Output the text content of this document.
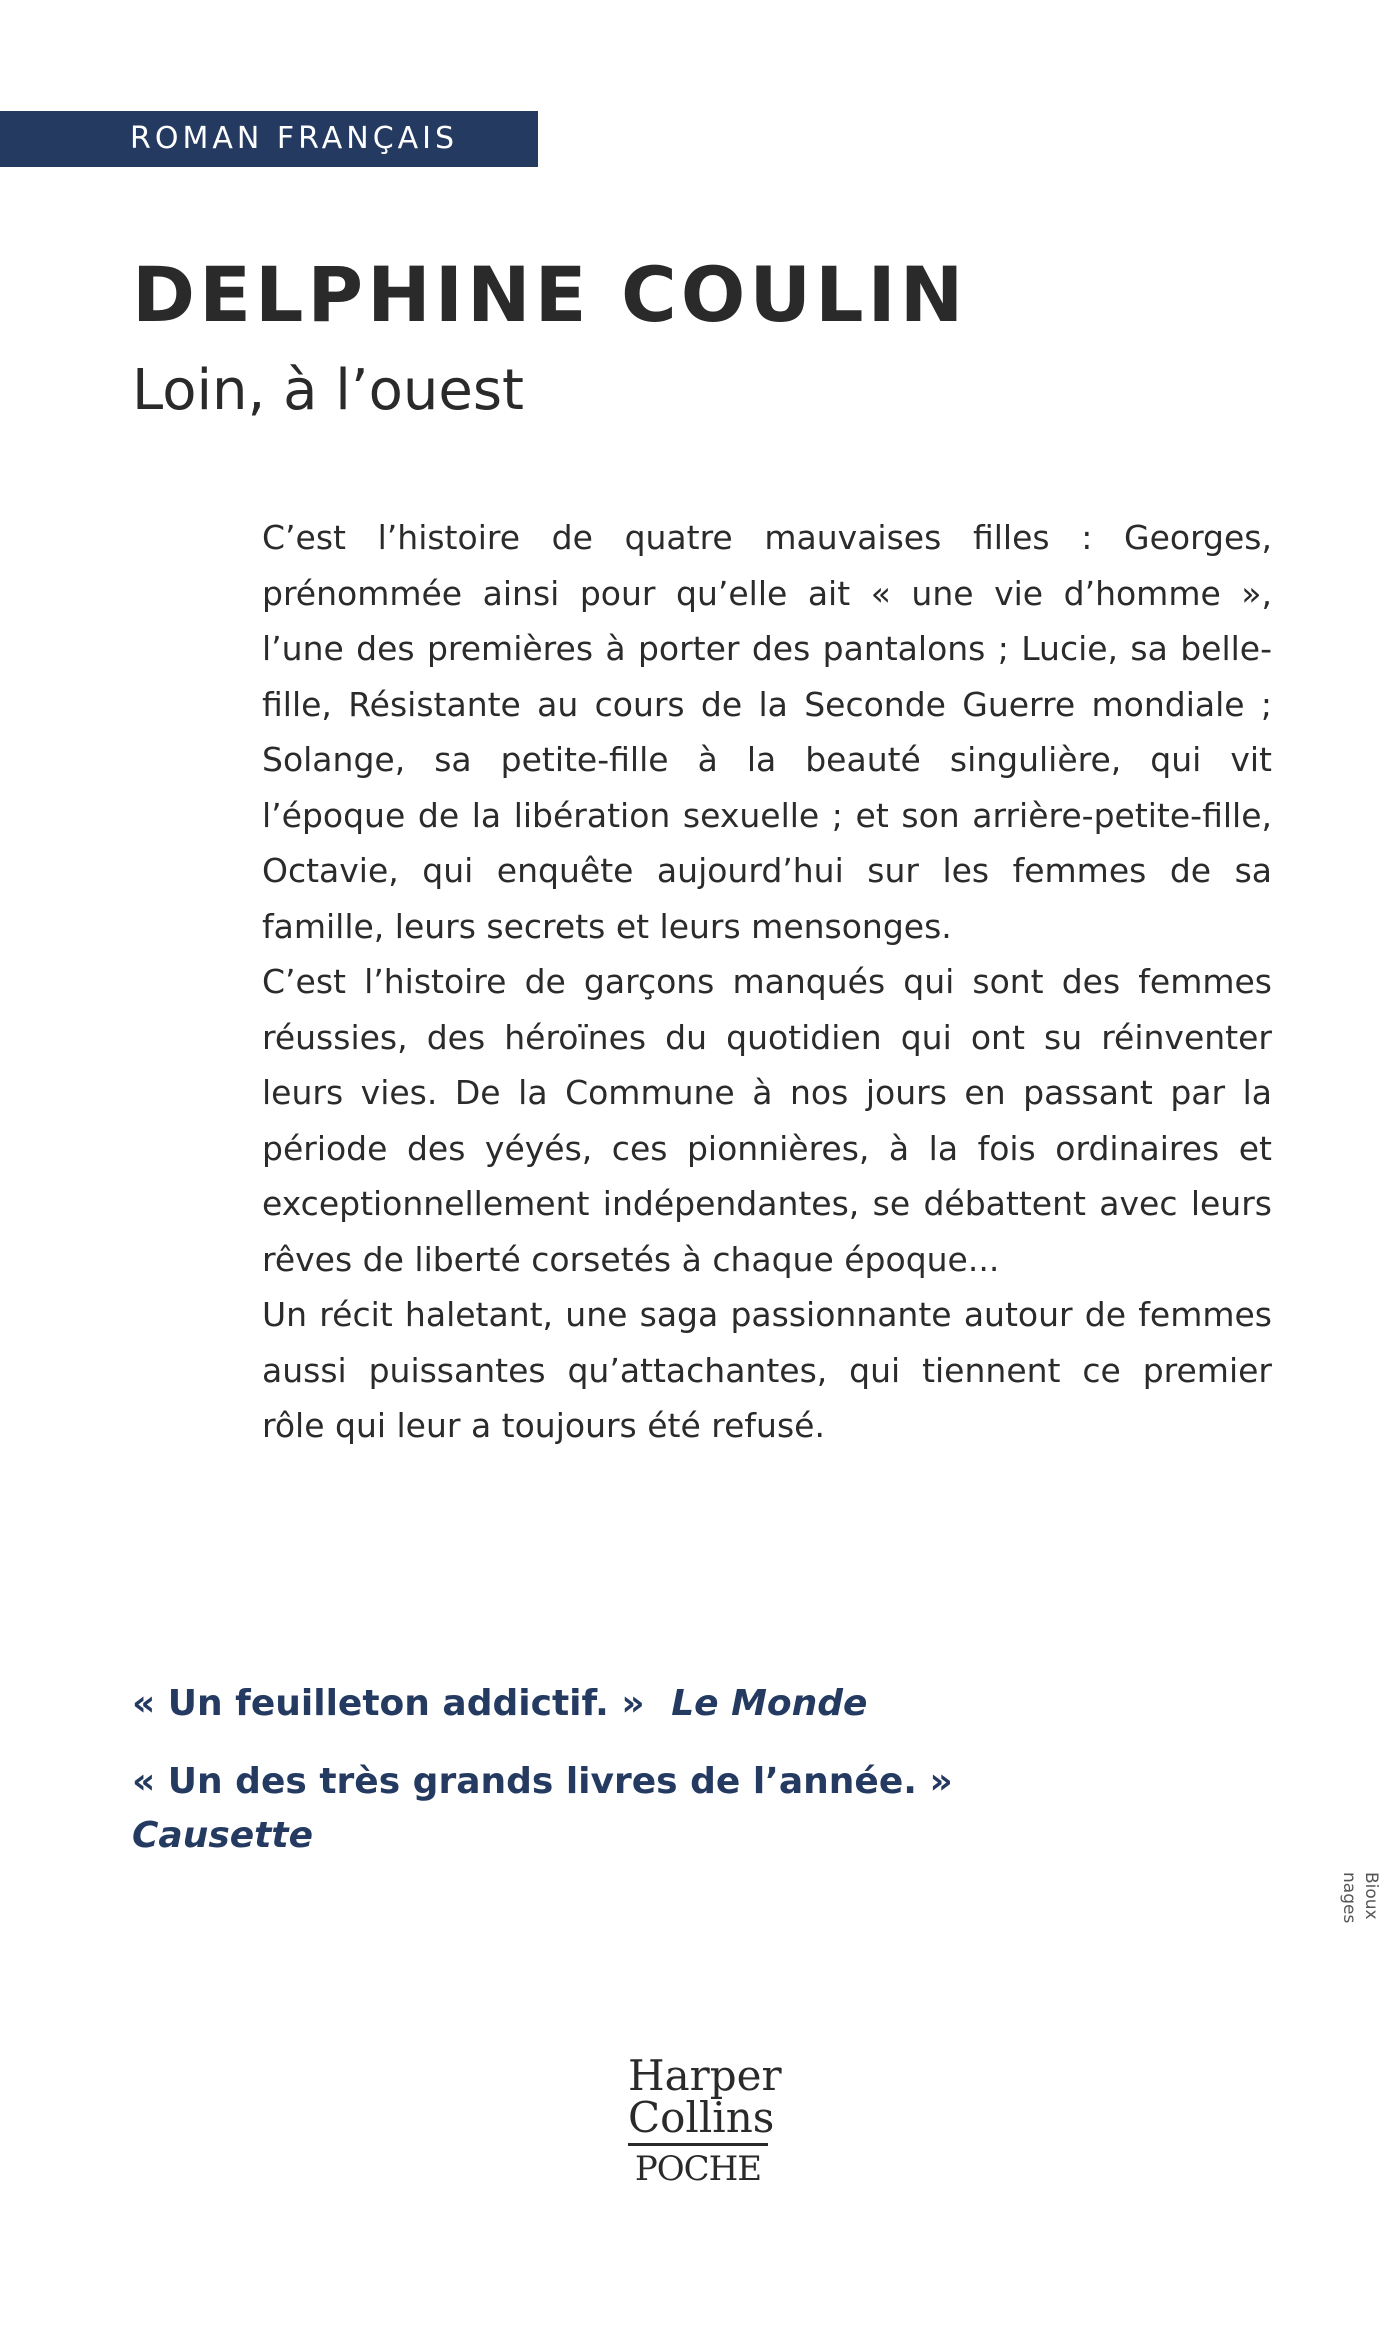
ROMAN FRANÇAIS
DELPHINE COULIN
Loin, à l’ouest

C’est l’histoire de quatre mauvaises filles : Georges, prénommée ainsi pour qu’elle ait « une vie d’homme », l’une des premières à porter des pantalons ; Lucie, sa belle-fille, Résistante au cours de la Seconde Guerre mondiale ; Solange, sa petite-fille à la beauté singulière, qui vit l’époque de la libération sexuelle ; et son arrière-petite-fille, Octavie, qui enquête aujourd’hui sur les femmes de sa famille, leurs secrets et leurs mensonges.

C’est l’histoire de garçons manqués qui sont des femmes réussies, des héroïnes du quotidien qui ont su réinventer leurs vies. De la Commune à nos jours en passant par la période des yéyés, ces pionnières, à la fois ordinaires et exceptionnellement indépendantes, se débattent avec leurs rêves de liberté corsetés à chaque époque...

Un récit haletant, une saga passionnante autour de femmes aussi puissantes qu’attachantes, qui tiennent ce premier rôle qui leur a toujours été refusé.

« Un feuilleton addictif. » Le Monde

« Un des très grands livres de l’année. »
Causette

Bioux
nages
Harper
Collins
POCHE
